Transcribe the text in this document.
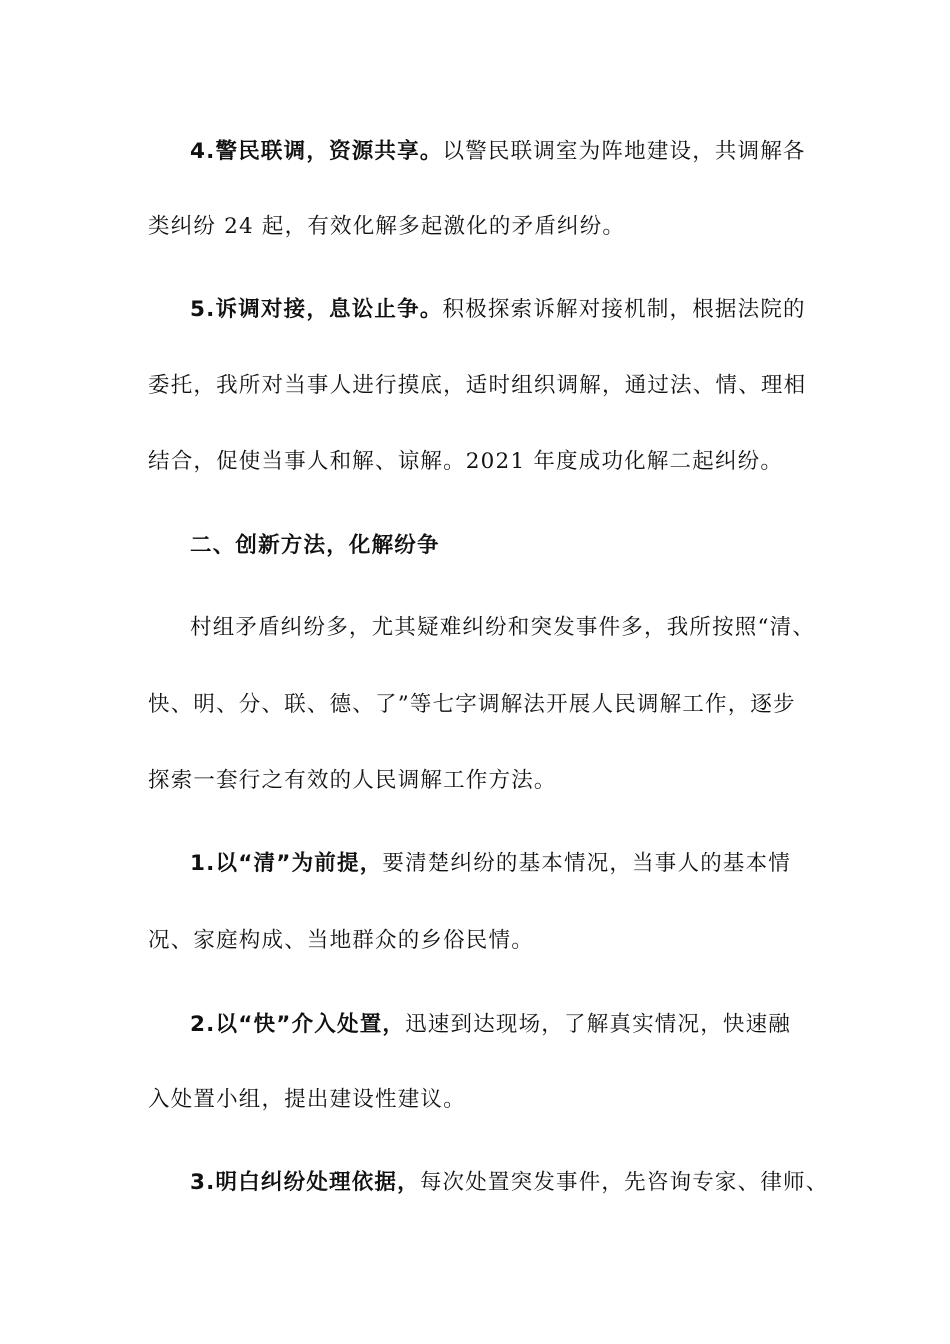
4.警民联调，资源共享。以警民联调室为阵地建设，共调解各
类纠纷 24 起，有效化解多起激化的矛盾纠纷。
5.诉调对接，息讼止争。积极探索诉解对接机制，根据法院的
委托，我所对当事人进行摸底，适时组织调解，通过法、情、理相
结合，促使当事人和解、谅解。2021 年度成功化解二起纠纷。
二、创新方法，化解纷争
村组矛盾纠纷多，尤其疑难纠纷和突发事件多，我所按照“清、
快、明、分、联、德、了”等七字调解法开展人民调解工作，逐步
探索一套行之有效的人民调解工作方法。
1.以“清”为前提，要清楚纠纷的基本情况，当事人的基本情
况、家庭构成、当地群众的乡俗民情。
2.以“快”介入处置，迅速到达现场，了解真实情况，快速融
入处置小组，提出建设性建议。
3.明白纠纷处理依据，每次处置突发事件，先咨询专家、律师、
